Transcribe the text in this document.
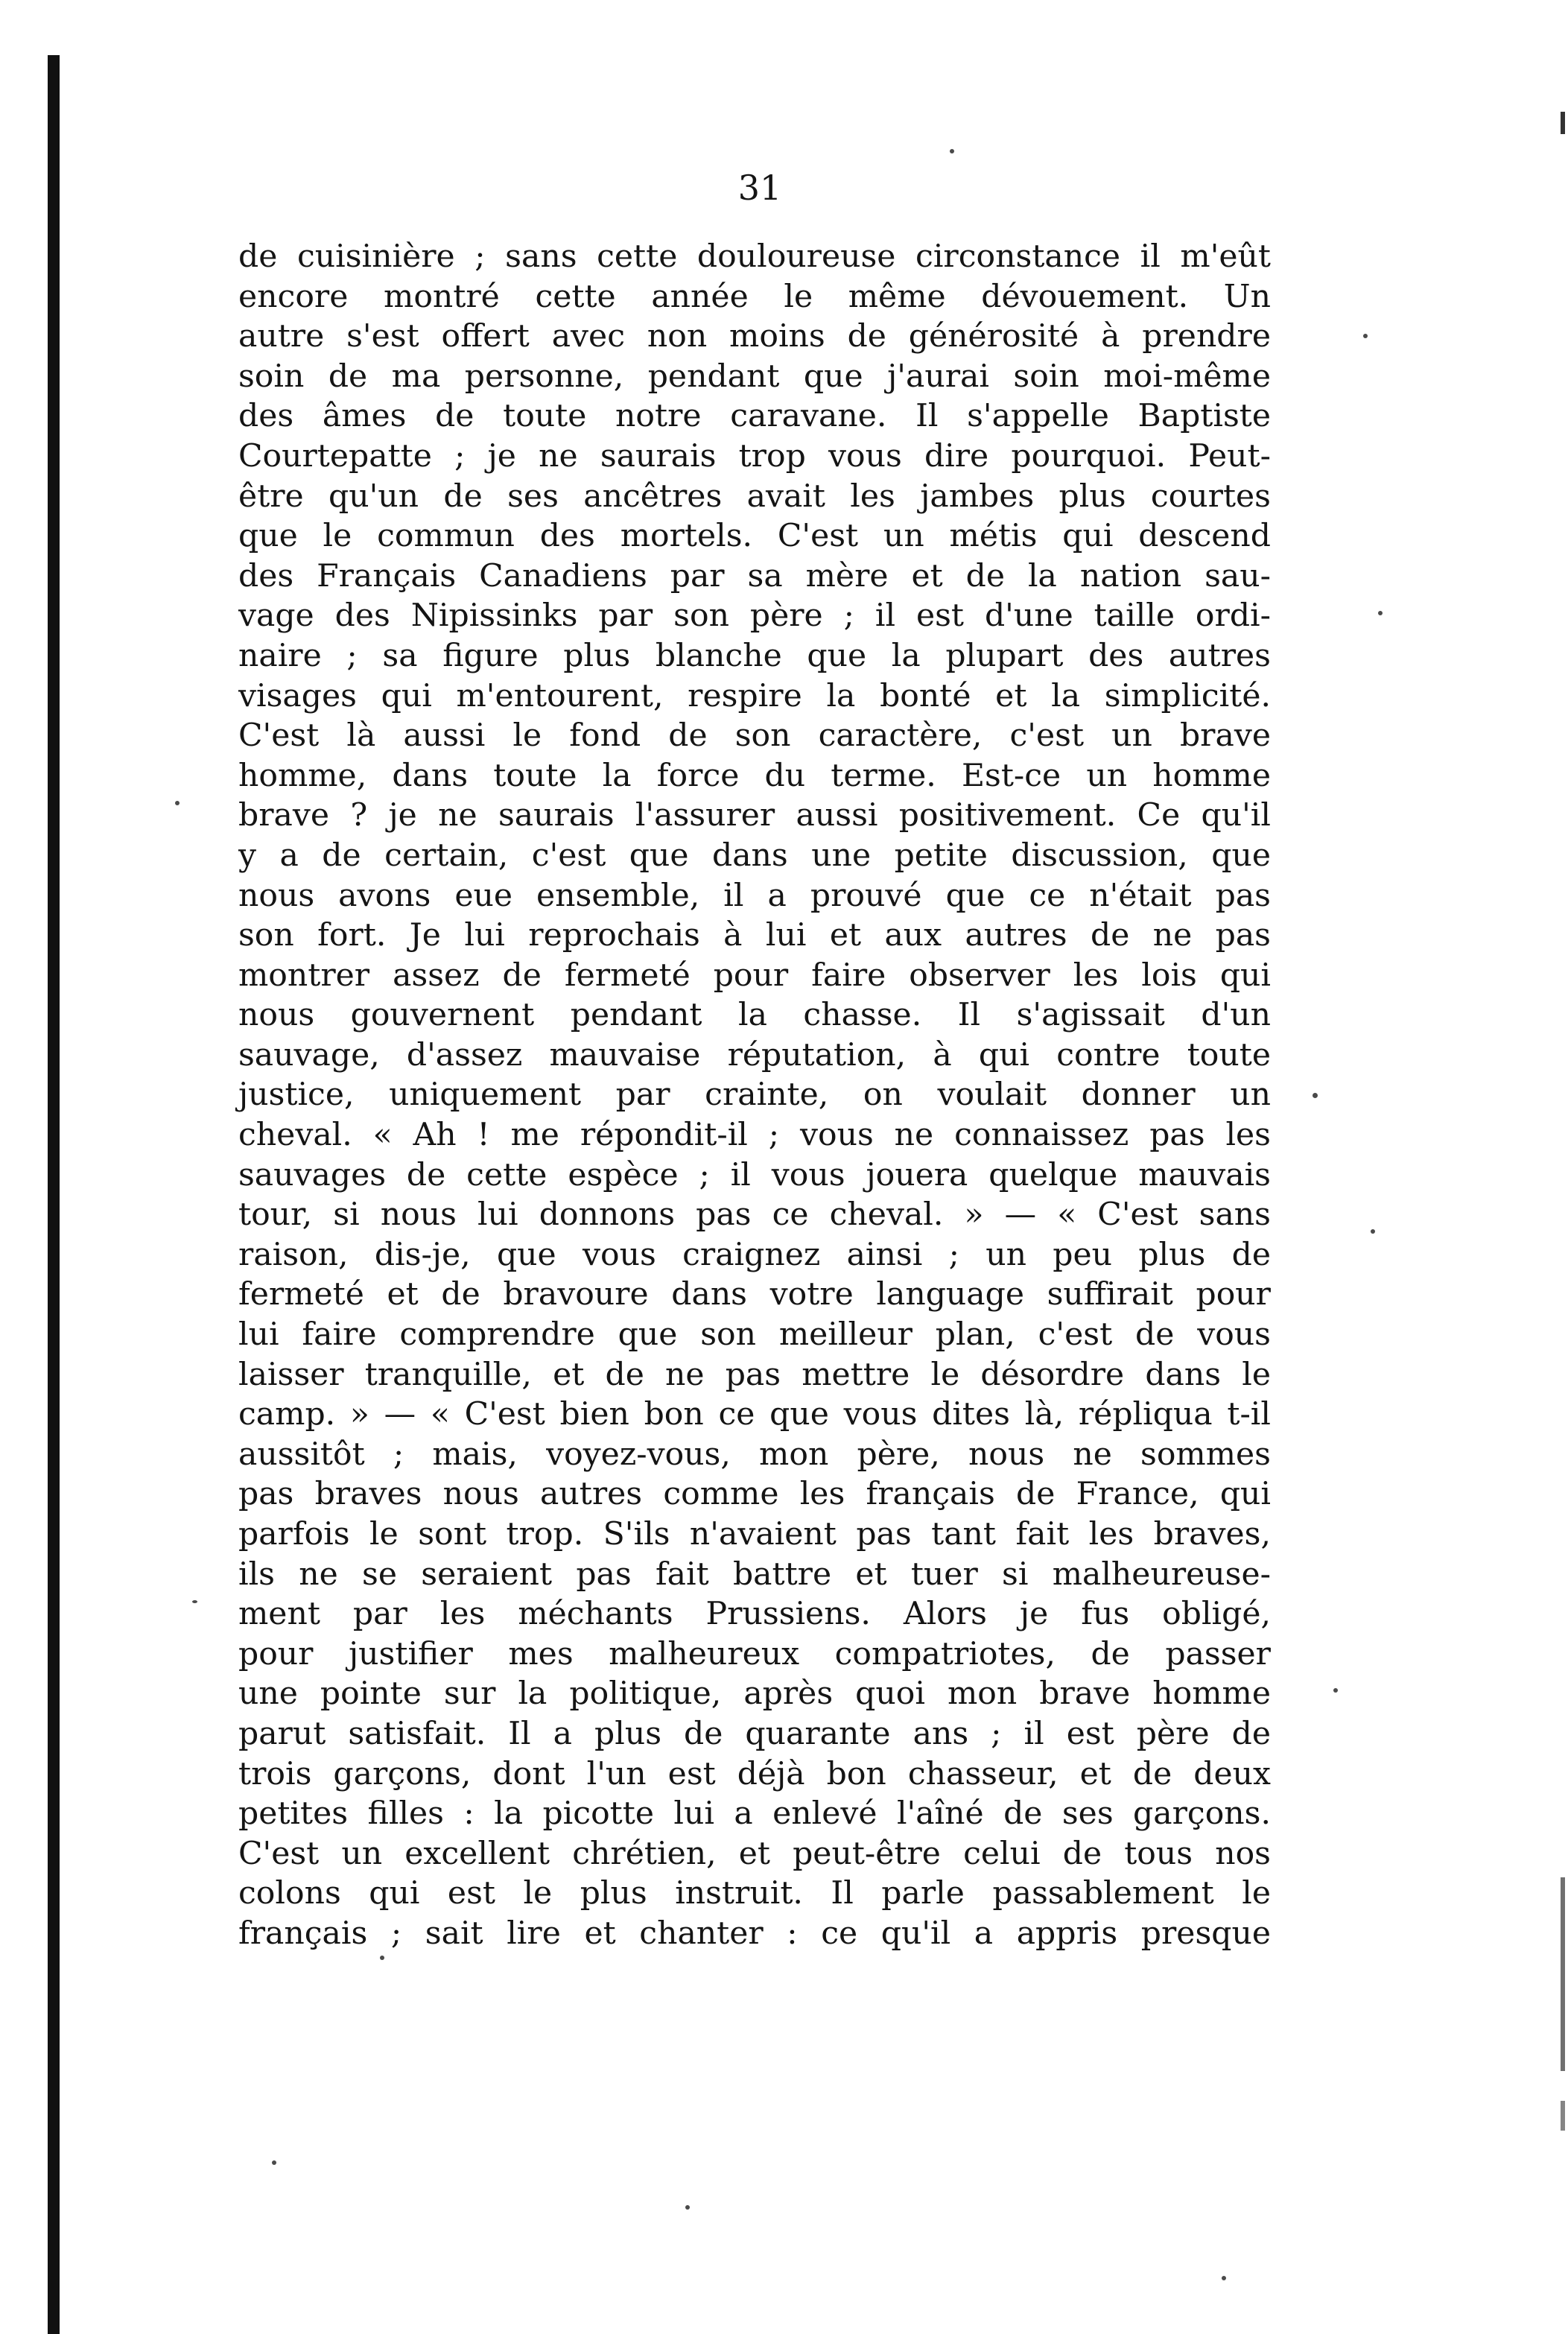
31
de cuisinière ; sans cette douloureuse circonstance il m'eût
encore montré cette année le même dévouement. Un
autre s'est offert avec non moins de générosité à prendre
soin de ma personne, pendant que j'aurai soin moi-même
des âmes de toute notre caravane. Il s'appelle Baptiste
Courtepatte ; je ne saurais trop vous dire pourquoi. Peut-
être qu'un de ses ancêtres avait les jambes plus courtes
que le commun des mortels. C'est un métis qui descend
des Français Canadiens par sa mère et de la nation sau-
vage des Nipissinks par son père ; il est d'une taille ordi-
naire ; sa figure plus blanche que la plupart des autres
visages qui m'entourent, respire la bonté et la simplicité.
C'est là aussi le fond de son caractère, c'est un brave
homme, dans toute la force du terme. Est-ce un homme
brave ? je ne saurais l'assurer aussi positivement. Ce qu'il
y a de certain, c'est que dans une petite discussion, que
nous avons eue ensemble, il a prouvé que ce n'était pas
son fort. Je lui reprochais à lui et aux autres de ne pas
montrer assez de fermeté pour faire observer les lois qui
nous gouvernent pendant la chasse. Il s'agissait d'un
sauvage, d'assez mauvaise réputation, à qui contre toute
justice, uniquement par crainte, on voulait donner un
cheval. « Ah ! me répondit-il ; vous ne connaissez pas les
sauvages de cette espèce ; il vous jouera quelque mauvais
tour, si nous lui donnons pas ce cheval. » — « C'est sans
raison, dis-je, que vous craignez ainsi ; un peu plus de
fermeté et de bravoure dans votre language suffirait pour
lui faire comprendre que son meilleur plan, c'est de vous
laisser tranquille, et de ne pas mettre le désordre dans le
camp. » — « C'est bien bon ce que vous dites là, répliqua t-il
aussitôt ; mais, voyez-vous, mon père, nous ne sommes
pas braves nous autres comme les français de France, qui
parfois le sont trop. S'ils n'avaient pas tant fait les braves,
ils ne se seraient pas fait battre et tuer si malheureuse-
ment par les méchants Prussiens. Alors je fus obligé,
pour justifier mes malheureux compatriotes, de passer
une pointe sur la politique, après quoi mon brave homme
parut satisfait. Il a plus de quarante ans ; il est père de
trois garçons, dont l'un est déjà bon chasseur, et de deux
petites filles : la picotte lui a enlevé l'aîné de ses garçons.
C'est un excellent chrétien, et peut-être celui de tous nos
colons qui est le plus instruit. Il parle passablement le
français ; sait lire et chanter : ce qu'il a appris presque
